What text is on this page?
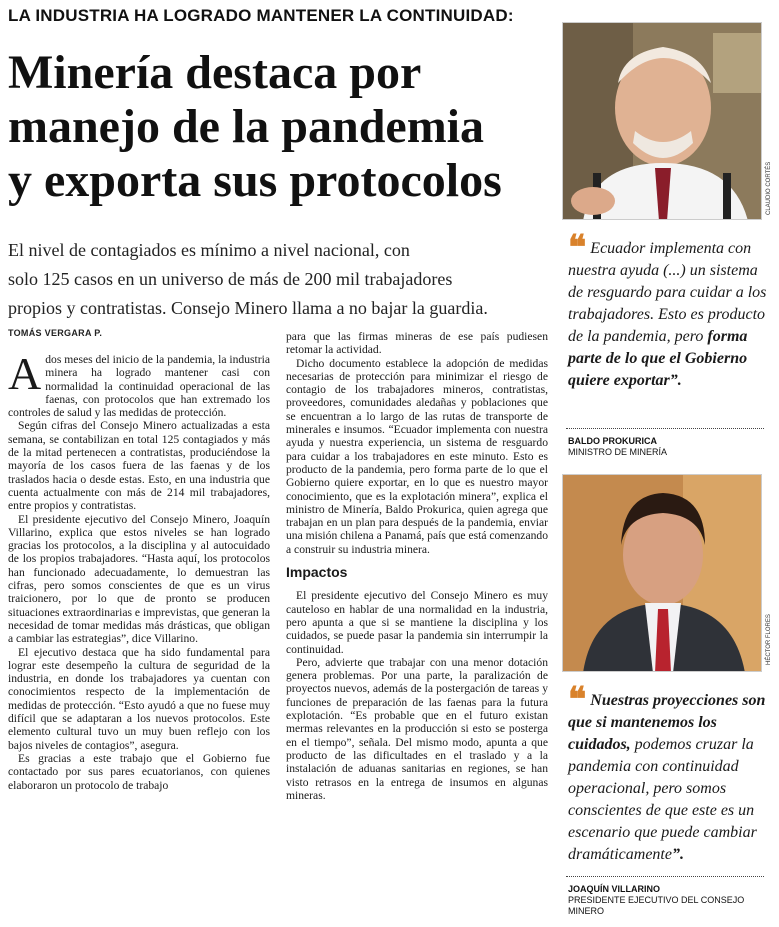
LA INDUSTRIA HA LOGRADO MANTENER LA CONTINUIDAD:
Minería destaca por
manejo de la pandemia
y exporta sus protocolos
El nivel de contagiados es mínimo a nivel nacional, con
solo 125 casos en un universo de más de 200 mil trabajadores
propios y contratistas. Consejo Minero llama a no bajar la guardia.
TOMÁS VERGARA P.

A dos meses del inicio de la pandemia, la industria minera ha logrado mantener casi con normalidad la continuidad operacional de las faenas, con protocolos que han extremado los controles de salud y las medidas de protección.

Según cifras del Consejo Minero actualizadas a esta semana, se contabilizan en total 125 contagiados y más de la mitad pertenecen a contratistas, produciéndose la mayoría de los casos fuera de las faenas y de los traslados hacia o desde estas. Esto, en una industria que cuenta actualmente con más de 214 mil trabajadores, entre propios y contratistas.

El presidente ejecutivo del Consejo Minero, Joaquín Villarino, explica que estos niveles se han logrado gracias los protocolos, a la disciplina y al autocuidado de los propios trabajadores. “Hasta aquí, los protocolos han funcionado adecuadamente, lo demuestran las cifras, pero somos conscientes de que es un virus traicionero, por lo que de pronto se producen situaciones extraordinarias e imprevistas, que generan la necesidad de tomar medidas más drásticas, que obligan a cambiar las estrategias”, dice Villarino.

El ejecutivo destaca que ha sido fundamental para lograr este desempeño la cultura de seguridad de la industria, en donde los trabajadores ya cuentan con conocimientos respecto de la implementación de medidas de protección. “Esto ayudó a que no fuese muy difícil que se adaptaran a los nuevos protocolos. Este elemento cultural tuvo un muy buen reflejo con los bajos niveles de contagios”, asegura.

Es gracias a este trabajo que el Gobierno fue contactado por sus pares ecuatorianos, con quienes elaboraron un protocolo de trabajo

para que las firmas mineras de ese país pudiesen retomar la actividad.

Dicho documento establece la adopción de medidas necesarias de protección para minimizar el riesgo de contagio de los trabajadores mineros, contratistas, proveedores, comunidades aledañas y poblaciones que se encuentran a lo largo de las rutas de transporte de minerales e insumos. “Ecuador implementa con nuestra ayuda y nuestra experiencia, un sistema de resguardo para cuidar a los trabajadores en este minuto. Esto es producto de la pandemia, pero forma parte de lo que el Gobierno quiere exportar, en lo que es nuestro mayor conocimiento, que es la explotación minera”, explica el ministro de Minería, Baldo Prokurica, quien agrega que trabajan en un plan para después de la pandemia, enviar una misión chilena a Panamá, país que está comenzando a construir su industria minera.

Impactos

El presidente ejecutivo del Consejo Minero es muy cauteloso en hablar de una normalidad en la industria, pero apunta a que si se mantiene la disciplina y los cuidados, se puede pasar la pandemia sin interrumpir la continuidad.

Pero, advierte que trabajar con una menor dotación genera problemas. Por una parte, la paralización de proyectos nuevos, además de la postergación de tareas y funciones de preparación de las faenas para la futura explotación. “Es probable que en el futuro existan mermas relevantes en la producción si esto se posterga en el tiempo”, señala. Del mismo modo, apunta a que producto de las dificultades en el traslado y a la instalación de aduanas sanitarias en regiones, se han visto retrasos en la entrega de insumos en algunas mineras.

CLAUDIO CORTÉS
❝ Ecuador implementa con nuestra ayuda (...) un sistema de resguardo para cuidar a los trabajadores. Esto es producto de la pandemia, pero forma parte de lo que el Gobierno quiere exportar”.
BALDO PROKURICA
MINISTRO DE MINERÍA
HÉCTOR FLORES
❝ Nuestras proyecciones son que si mantenemos los cuidados, podemos cruzar la pandemia con continuidad operacional, pero somos conscientes de que este es un escenario que puede cambiar dramáticamente”.
JOAQUÍN VILLARINO
PRESIDENTE EJECUTIVO DEL CONSEJO MINERO
